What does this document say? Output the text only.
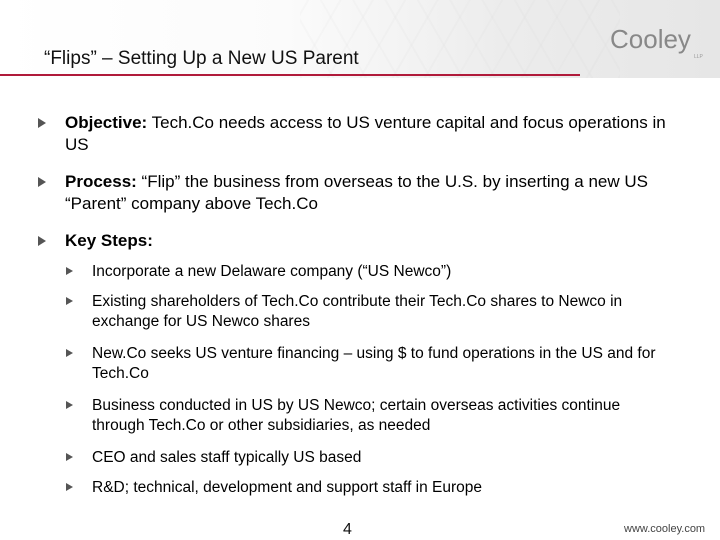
“Flips” – Setting Up a New US Parent
Cooley
LLP
Objective: Tech.Co needs access to US venture capital and focus operations in US
Process: “Flip” the business from overseas to the U.S. by inserting a new US “Parent” company above Tech.Co
Key Steps:
Incorporate a new Delaware company (“US Newco”)
Existing shareholders of Tech.Co contribute their Tech.Co shares to Newco in exchange for US Newco shares
New.Co seeks US venture financing – using $ to fund operations in the US and for Tech.Co
Business conducted in US by US Newco; certain overseas activities continue through Tech.Co or other subsidiaries, as needed
CEO and sales staff typically US based
R&D; technical, development and support staff in Europe
4	www.cooley.com
